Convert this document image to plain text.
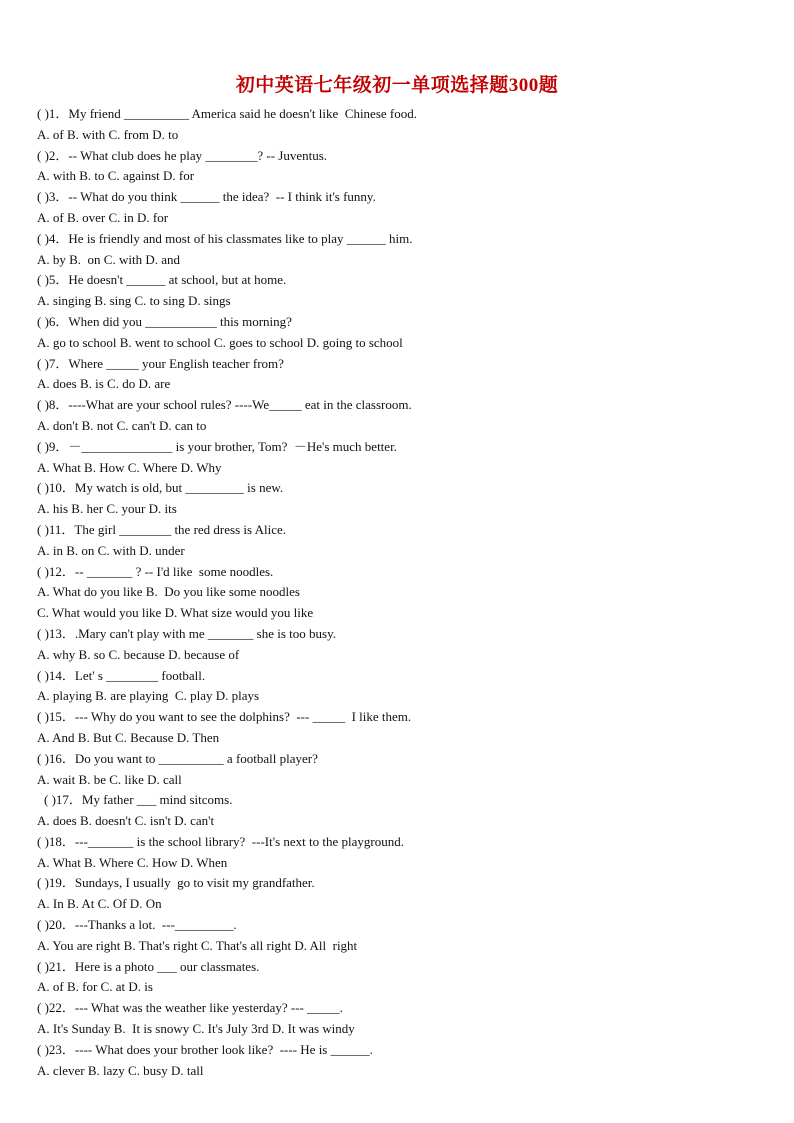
初中英语七年级初一单项选择题300题
( )1．My friend __________ America said he doesn't like  Chinese food.
A. of B. with C. from D. to
( )2．-- What club does he play ________? -- Juventus.
A. with B. to C. against D. for
( )3．-- What do you think ______ the idea?  -- I think it's funny.
A. of B. over C. in D. for
( )4．He is friendly and most of his classmates like to play ______ him.
A. by B.  on C. with D. and
( )5．He doesn't ______ at school, but at home.
A. singing B. sing C. to sing D. sings
( )6．When did you ___________ this morning?
A. go to school B. went to school C. goes to school D. going to school
( )7．Where _____ your English teacher from?
A. does B. is C. do D. are
( )8．----What are your school rules? ----We_____ eat in the classroom.
A. don't B. not C. can't D. can to
( )9．－______________ is your brother, Tom?  －He's much better.
A. What B. How C. Where D. Why
( )10．My watch is old, but _________ is new.
A. his B. her C. your D. its
( )11．The girl ________ the red dress is Alice.
A. in B. on C. with D. under
( )12．-- _______ ? -- I'd like  some noodles.
A. What do you like B.  Do you like some noodles
C. What would you like D. What size would you like
( )13．.Mary can't play with me _______ she is too busy.
A. why B. so C. because D. because of
( )14．Let' s ________ football.
A. playing B. are playing  C. play D. plays
( )15．--- Why do you want to see the dolphins?  --- _____  I like them.
A. And B. But C. Because D. Then
( )16．Do you want to __________ a football player?
A. wait B. be C. like D. call
( )17．My father ___ mind sitcoms.
A. does B. doesn't C. isn't D. can't
( )18．---_______ is the school library?  ---It's next to the playground.
A. What B. Where C. How D. When
( )19．Sundays, I usually  go to visit my grandfather.
A. In B. At C. Of D. On
( )20．---Thanks a lot.  ---_________.
A. You are right B. That's right C. That's all right D. All  right
( )21．Here is a photo ___ our classmates.
A. of B. for C. at D. is
( )22．--- What was the weather like yesterday? --- _____.
A. It's Sunday B.  It is snowy C. It's July 3rd D. It was windy
( )23．---- What does your brother look like?  ---- He is ______.
A. clever B. lazy C. busy D. tall
